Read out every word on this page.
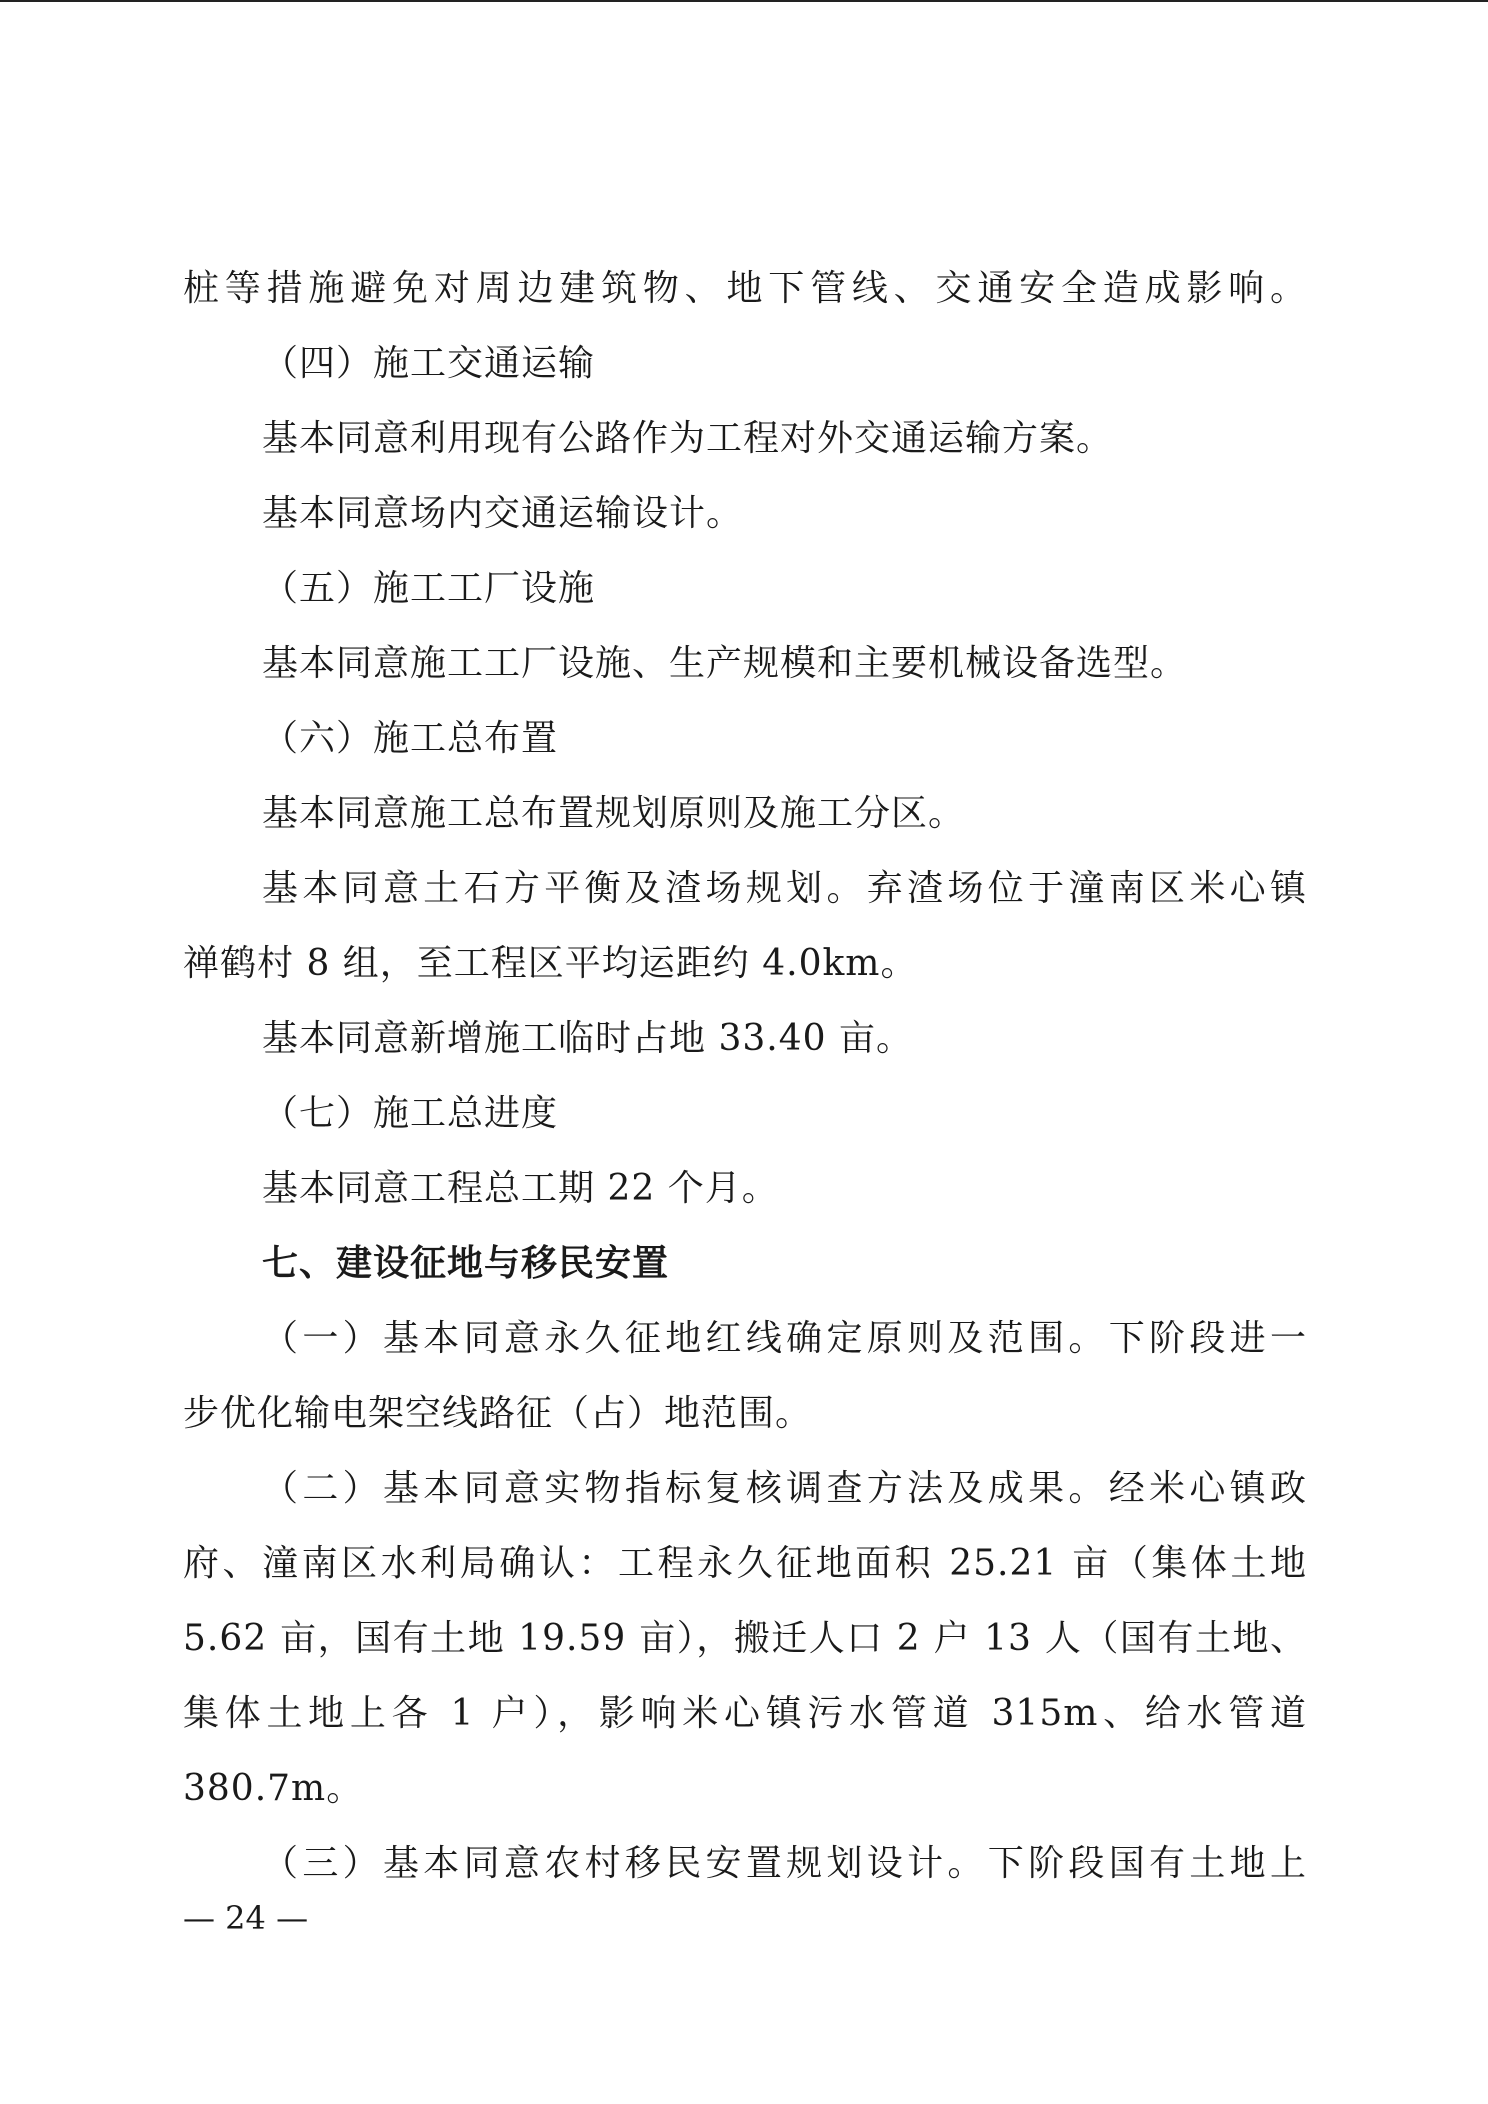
桩等措施避免对周边建筑物、地下管线、交通安全造成影响。

（四）施工交通运输

基本同意利用现有公路作为工程对外交通运输方案。

基本同意场内交通运输设计。

（五）施工工厂设施

基本同意施工工厂设施、生产规模和主要机械设备选型。

（六）施工总布置

基本同意施工总布置规划原则及施工分区。

基本同意土石方平衡及渣场规划。弃渣场位于潼南区米心镇

禅鹤村 8 组，至工程区平均运距约 4.0km。

基本同意新增施工临时占地 33.40 亩。

（七）施工总进度

基本同意工程总工期 22 个月。

七、建设征地与移民安置

（一）基本同意永久征地红线确定原则及范围。下阶段进一

步优化输电架空线路征（占）地范围。

（二）基本同意实物指标复核调查方法及成果。经米心镇政

府、潼南区水利局确认：工程永久征地面积 25.21 亩（集体土地

5.62 亩，国有土地 19.59 亩），搬迁人口 2 户 13 人（国有土地、

集体土地上各 1 户），影响米心镇污水管道 315m、给水管道

380.7m。

（三）基本同意农村移民安置规划设计。下阶段国有土地上

— 24 —
